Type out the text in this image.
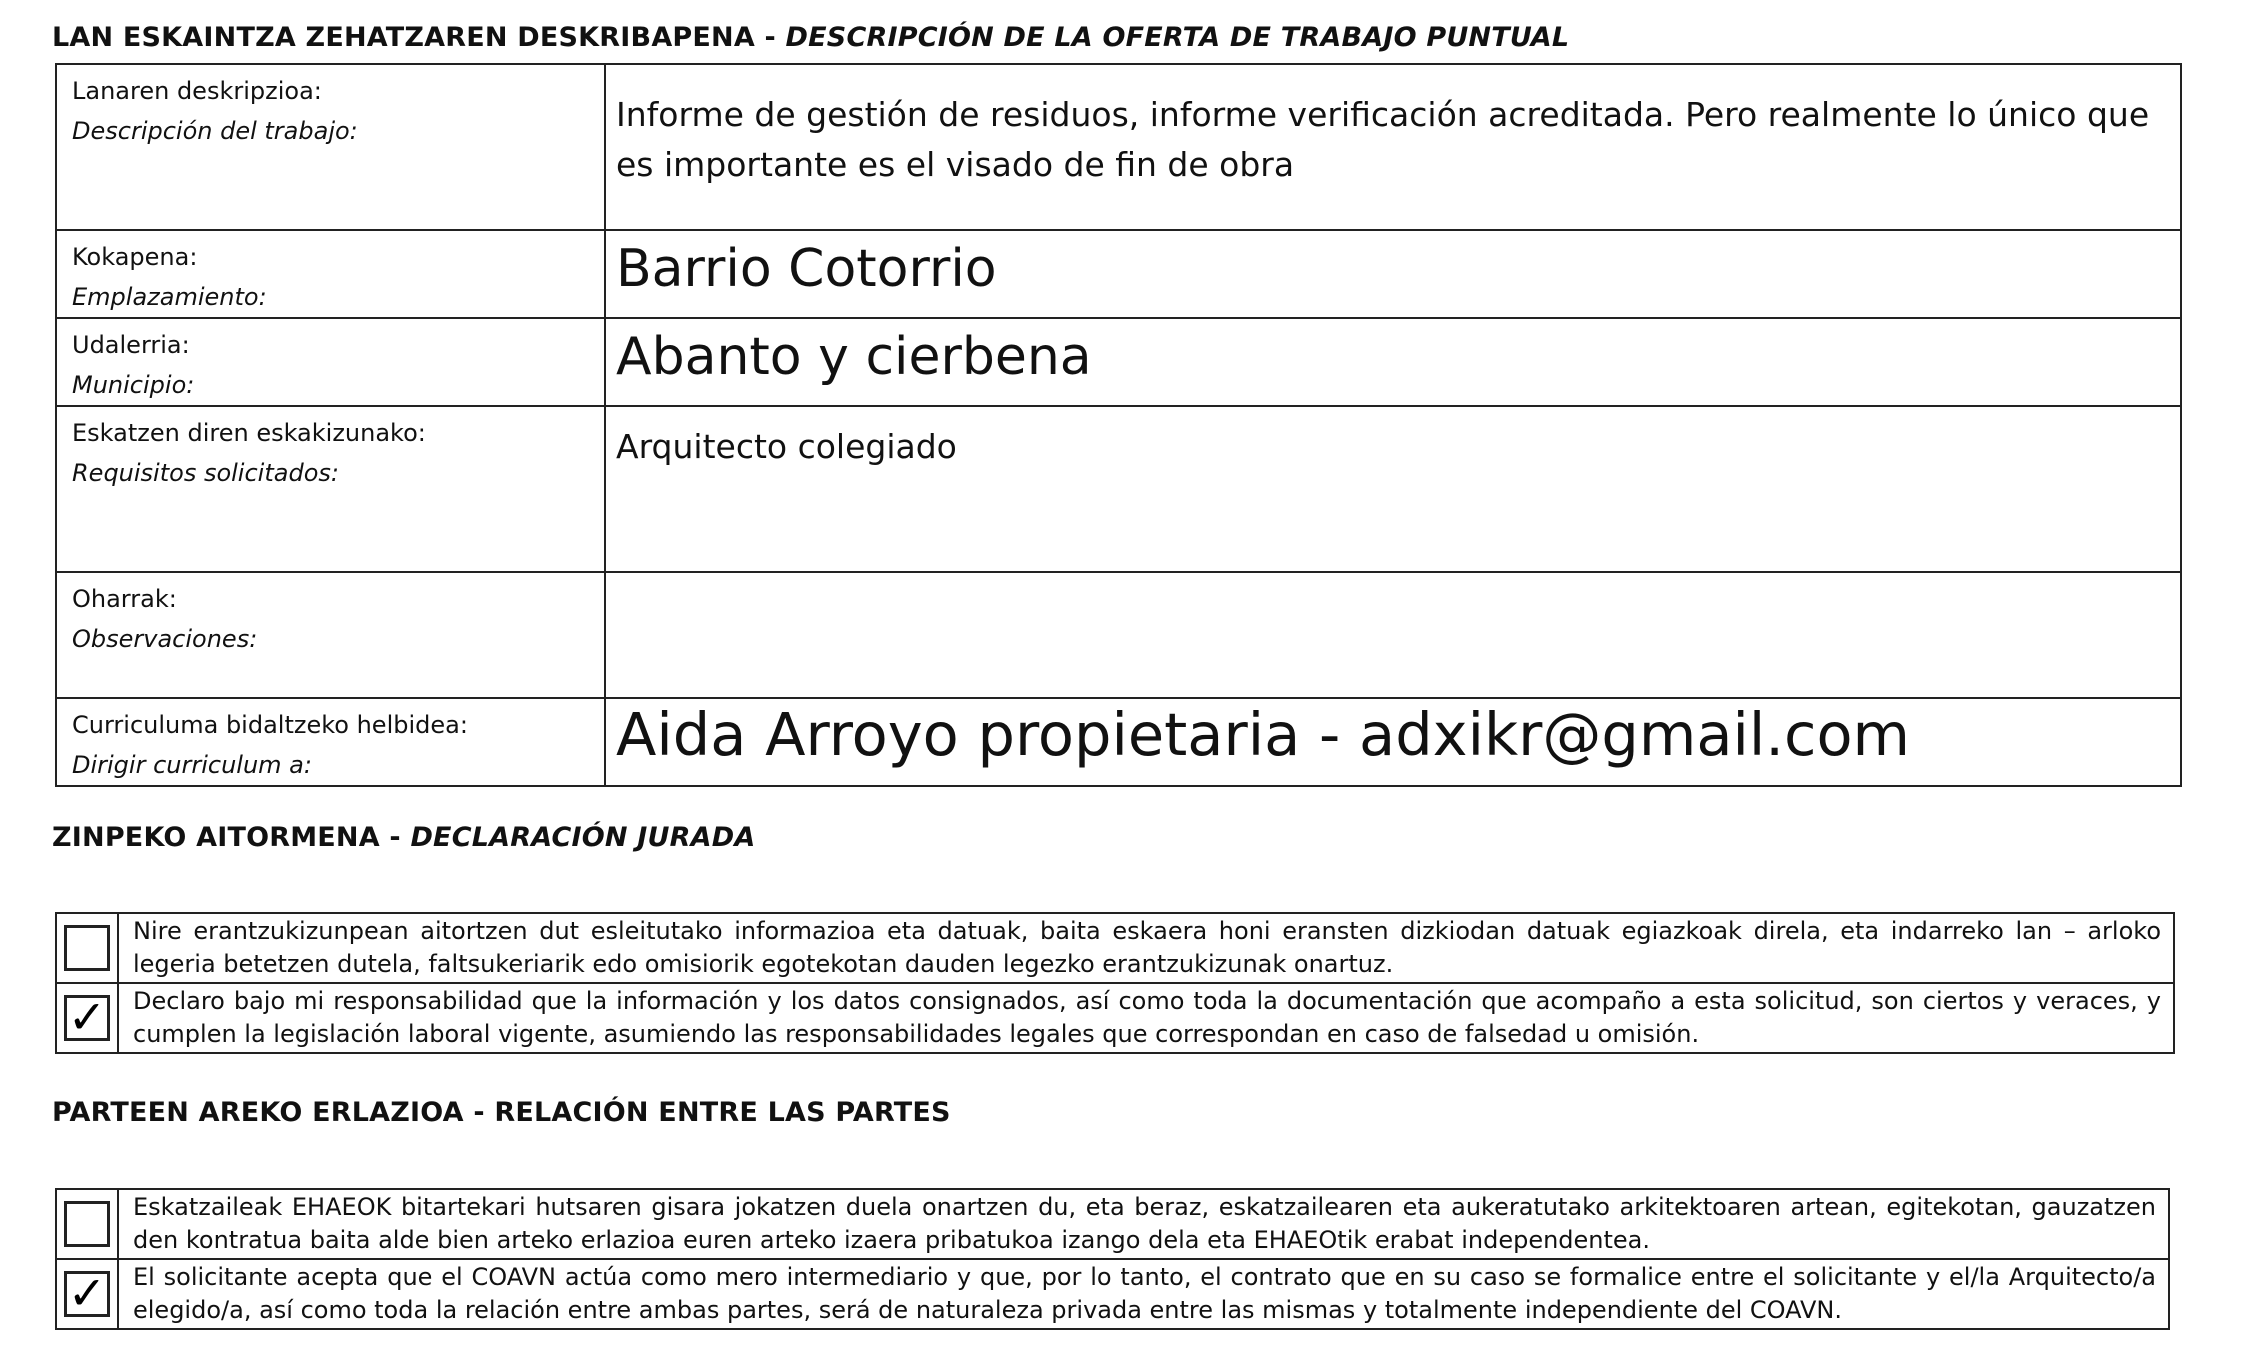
LAN ESKAINTZA ZEHATZAREN DESKRIBAPENA - DESCRIPCIÓN DE LA OFERTA DE TRABAJO PUNTUAL
Lanaren deskripzioa:
Descripción del trabajo:	Informe de gestión de residuos, informe verificación acreditada. Pero realmente lo único que es importante es el visado de fin de obra

Kokapena:
Emplazamiento:	Barrio Cotorrio

Udalerria:
Municipio:	Abanto y cierbena

Eskatzen diren eskakizunako:
Requisitos solicitados:	Arquitecto colegiado

Oharrak:
Observaciones:	

Curriculuma bidaltzeko helbidea:
Dirigir curriculum a:	Aida Arroyo propietaria - adxikr@gmail.com
ZINPEKO AITORMENA - DECLARACIÓN JURADA
	Nire erantzukizunpean aitortzen dut esleitutako informazioa eta datuak, baita eskaera honi eransten dizkiodan datuak egiazkoak direla, eta indarreko lan – arloko legeria betetzen dutela, faltsukeriarik edo omisiorik egotekotan dauden legezko erantzukizunak onartuz.

✓	Declaro bajo mi responsabilidad que la información y los datos consignados, así como toda la documentación que acompaño a esta solicitud, son ciertos y veraces, y cumplen la legislación laboral vigente, asumiendo las responsabilidades legales que correspondan en caso de falsedad u omisión.
PARTEEN AREKO ERLAZIOA - RELACIÓN ENTRE LAS PARTES
	Eskatzaileak EHAEOK bitartekari hutsaren gisara jokatzen duela onartzen du, eta beraz, eskatzailearen eta aukeratutako arkitektoaren artean, egitekotan, gauzatzen den kontratua baita alde bien arteko erlazioa euren arteko izaera pribatukoa izango dela eta EHAEOtik erabat independentea.

✓	El solicitante acepta que el COAVN actúa como mero intermediario y que, por lo tanto, el contrato que en su caso se formalice entre el solicitante y el/la Arquitecto/a elegido/a, así como toda la relación entre ambas partes, será de naturaleza privada entre las mismas y totalmente independiente del COAVN.
